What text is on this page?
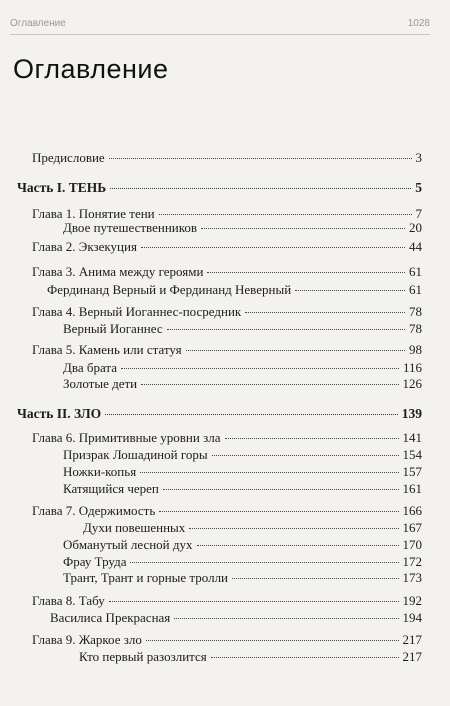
Оглавление	1028
Оглавление
Предисловие	3
Часть I. ТЕНЬ	5
Глава 1. Понятие тени	7
Двое путешественников	20
Глава 2. Экзекуция	44
Глава 3. Анима между героями	61
Фердинанд Верный и Фердинанд Неверный	61
Глава 4. Верный Иоганнес-посредник	78
Верный Иоганнес	78
Глава 5. Камень или статуя	98
Два брата	116
Золотые дети	126
Часть II. ЗЛО	139
Глава 6. Примитивные уровни зла	141
Призрак Лошадиной горы	154
Ножки-копья	157
Катящийся череп	161
Глава 7. Одержимость	166
Духи повешенных	167
Обманутый лесной дух	170
Фрау Труда	172
Трант, Трант и горные тролли	173
Глава 8. Табу	192
Василиса Прекрасная	194
Глава 9. Жаркое зло	217
Кто первый разозлится	217
